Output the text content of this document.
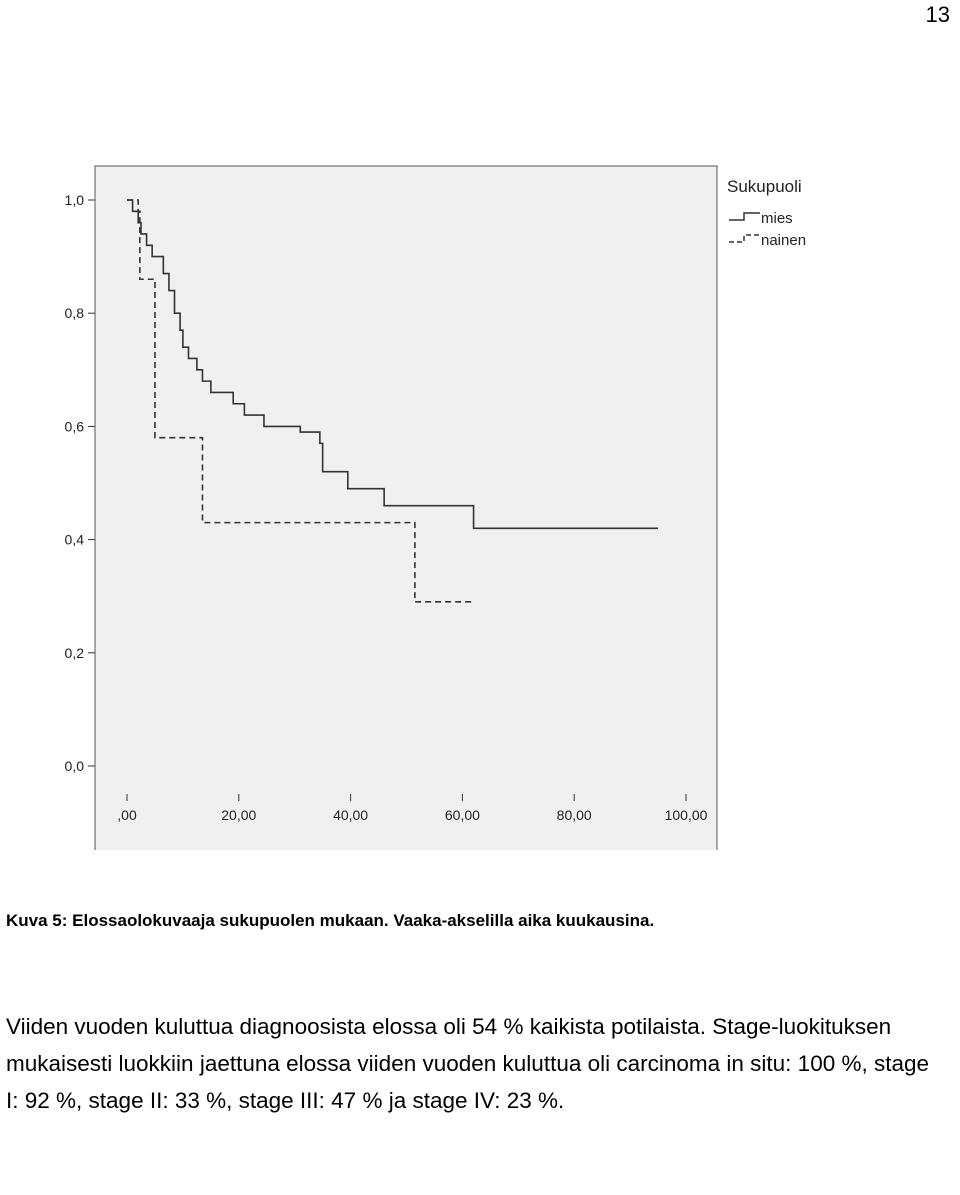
13
0,0
0,2
0,4
0,6
0,8
1,0
,00	20,00	40,00	60,00	80,00	100,00
Sukupuoli
mies
nainen
Kuva 5: Elossaolokuvaaja sukupuolen mukaan. Vaaka-akselilla aika kuukausina.

Viiden vuoden kuluttua diagnoosista elossa oli 54 % kaikista potilaista. Stage-luokituksen mukaisesti luokkiin jaettuna elossa viiden vuoden kuluttua oli carcinoma in situ: 100 %, stage I: 92 %, stage II: 33 %, stage III: 47 % ja stage IV: 23 %.
